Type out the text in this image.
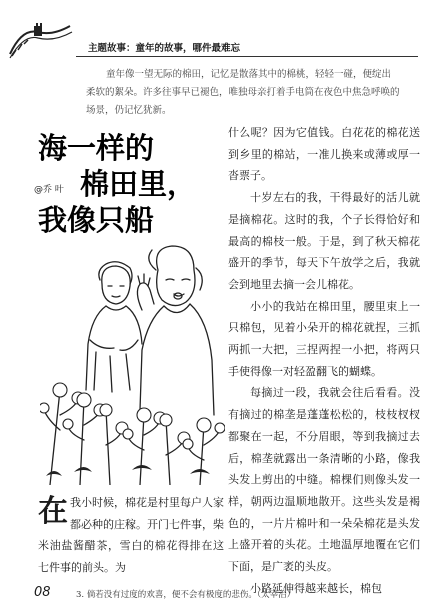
主题故事：童年的故事，哪件最难忘
童年像一望无际的棉田，记忆是散落其中的棉桃，轻轻一碰，便绽出柔软的絮朵。许多往事早已褪色，唯独母亲打着手电筒在夜色中焦急呼唤的场景，仍记忆犹新。
海一样的
棉田里，
我像只船
@乔 叶

什么呢？因为它值钱。白花花的棉花送到乡里的棉站，一准儿换来或薄或厚一沓票子。

十岁左右的我，干得最好的活儿就是摘棉花。这时的我，个子长得恰好和最高的棉枝一般。于是，到了秋天棉花盛开的季节，每天下午放学之后，我就会到地里去摘一会儿棉花。

小小的我站在棉田里，腰里束上一只棉包，见着小朵开的棉花就捏，三抓两抓一大把，三捏两捏一小把，将两只手使得像一对轻盈翻飞的蝴蝶。

每摘过一段，我就会往后看看。没有摘过的棉垄是蓬蓬松松的，枝枝杈杈都聚在一起，不分眉眼，等到我摘过去后，棉垄就露出一条清晰的小路，像我头发上剪出的中缝。棉棵们则像头发一样，朝两边温顺地散开。这些头发是褐色的，一片片棉叶和一朵朵棉花是头发上盛开着的头花。土地温厚地覆在它们下面，是广袤的头皮。

小路延伸得越来越长，棉包

在 我小时候，棉花是村里每户人家都必种的庄稼。开门七件事，柴米油盐酱醋茶，雪白的棉花得排在这七件事的前头。为

08	3. 倘若没有过度的欢喜，便不会有极度的悲伤。（太宰治）
